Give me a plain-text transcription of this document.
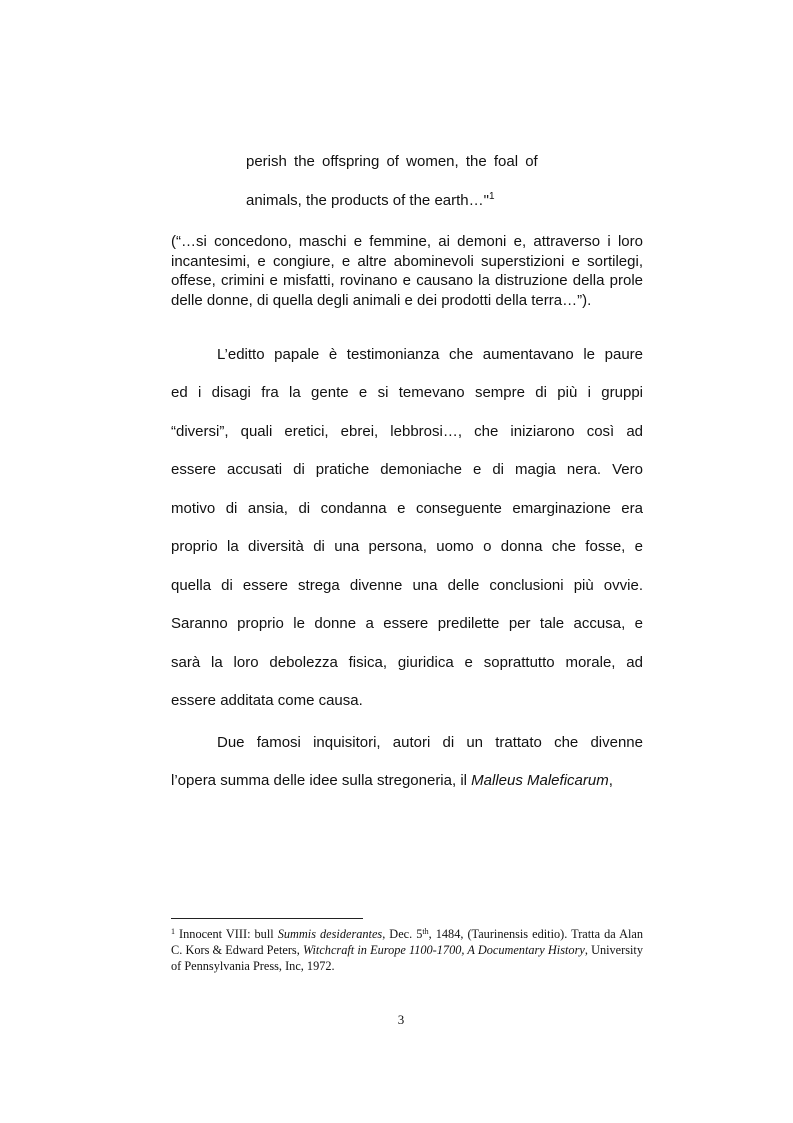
perish the offspring of women, the foal of
animals, the products of the earth…"$^1$
(“…si concedono, maschi e femmine, ai demoni e, attraverso i loro incantesimi, e congiure, e altre abominevoli superstizioni e sortilegi, offese, crimini e misfatti, rovinano e causano la distruzione della prole delle donne, di quella degli animali e dei prodotti della terra…”).
L’editto papale è testimonianza che aumentavano le paure
ed i disagi fra la gente e si temevano sempre di più i gruppi
“diversi”, quali eretici, ebrei, lebbrosi…, che iniziarono così ad
essere accusati di pratiche demoniache e di magia nera. Vero
motivo di ansia, di condanna e conseguente emarginazione era
proprio la diversità di una persona, uomo o donna che fosse, e
quella di essere strega divenne una delle conclusioni più ovvie.
Saranno proprio le donne a essere predilette per tale accusa, e
sarà la loro debolezza fisica, giuridica e soprattutto morale, ad
essere additata come causa.
Due famosi inquisitori, autori di un trattato che divenne
l’opera summa delle idee sulla stregoneria, il Malleus Maleficarum,
$^1$ Innocent VIII: bull Summis desiderantes, Dec. 5th, 1484, (Taurinensis editio). Tratta da Alan C. Kors & Edward Peters, Witchcraft in Europe 1100-1700, A Documentary History, University of Pennsylvania Press, Inc, 1972.
3
